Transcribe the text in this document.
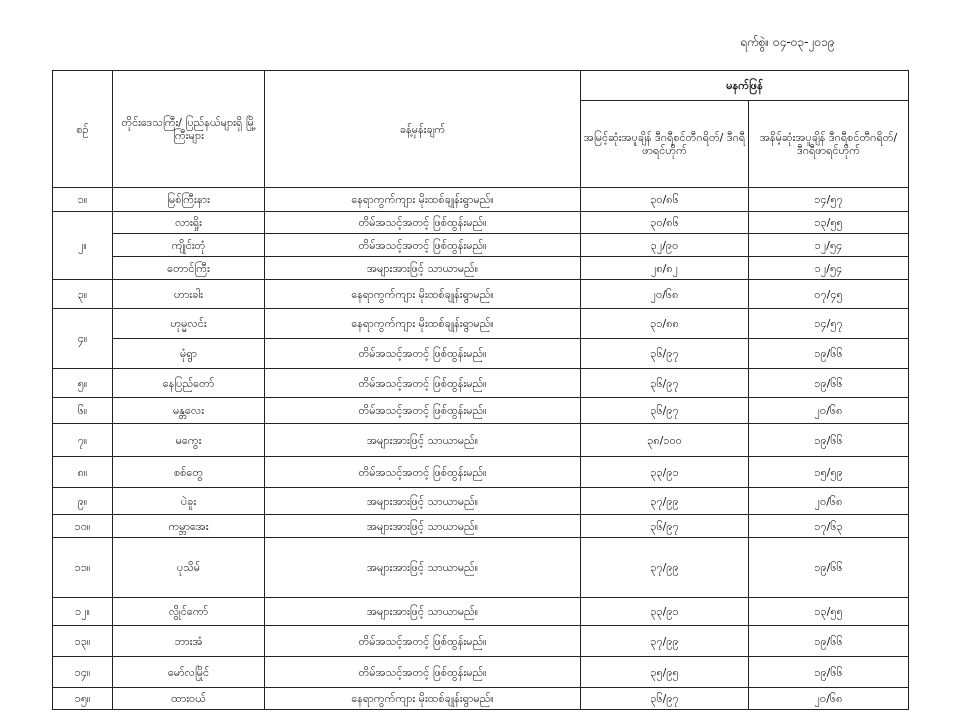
ရက်စွဲ။ ၀၄-၀၃-၂၀၁၉
စဉ်	တိုင်းဒေသကြီး/ ပြည်နယ်များရှိ မြို့ကြီးများ	ခန့်မှန်းချက်	မနက်ဖြန်	
			အမြင့်ဆုံးအပူချိန် ဒီဂရီစင်တီဂရိတ်/ ဒီဂရီဖာရင်ဟိုက်	အနိမ့်ဆုံးအပူချိန် ဒီဂရီစင်တီဂရိတ်/ ဒီဂရီဖာရင်ဟိုက်
၁။	မြစ်ကြီးနား	နေရာကွက်ကျား မိုးထစ်ချုန်းရွာမည်။	၃၀/၈၆	၁၄/၅၇
၂။	လားရှိုး	တိမ်အသင့်အတင့် ဖြစ်ထွန်းမည်။	၃၀/၈၆	၁၃/၅၅
	ကျိုင်းတုံ	တိမ်အသင့်အတင့် ဖြစ်ထွန်းမည်။	၃၂/၉၀	၁၂/၅၄
	တောင်ကြီး	အများအားဖြင့် သာယာမည်။	၂၈/၈၂	၁၂/၅၄
၃။	ဟားခါး	နေရာကွက်ကျား မိုးထစ်ချုန်းရွာမည်။	၂၀/၆၈	၀၇/၄၅
၄။	ဟုမ္မလင်း	နေရာကွက်ကျား မိုးထစ်ချုန်းရွာမည်။	၃၁/၈၈	၁၄/၅၇
	မုံရွာ	တိမ်အသင့်အတင့် ဖြစ်ထွန်းမည်။	၃၆/၉၇	၁၉/၆၆
၅။	နေပြည်တော်	တိမ်အသင့်အတင့် ဖြစ်ထွန်းမည်။	၃၆/၉၇	၁၉/၆၆
၆။	မန္တလေး	တိမ်အသင့်အတင့် ဖြစ်ထွန်းမည်။	၃၆/၉၇	၂၀/၆၈
၇။	မကွေး	အများအားဖြင့် သာယာမည်။	၃၈/၁၀၀	၁၉/၆၆
၈။	စစ်တွေ	တိမ်အသင့်အတင့် ဖြစ်ထွန်းမည်။	၃၃/၉၁	၁၅/၅၉
၉။	ပဲခူး	အများအားဖြင့် သာယာမည်။	၃၇/၉၉	၂၀/၆၈
၁၀။	ကမ္ဘာအေး	အများအားဖြင့် သာယာမည်။	၃၆/၉၇	၁၇/၆၃
၁၁။	ပုသိမ်	အများအားဖြင့် သာယာမည်။	၃၇/၉၉	၁၉/၆၆
၁၂။	လွိုင်ကော်	အများအားဖြင့် သာယာမည်။	၃၃/၉၁	၁၃/၅၅
၁၃။	ဘားအံ	တိမ်အသင့်အတင့် ဖြစ်ထွန်းမည်။	၃၇/၉၉	၁၉/၆၆
၁၄။	မော်လမြိုင်	တိမ်အသင့်အတင့် ဖြစ်ထွန်းမည်။	၃၅/၉၅	၁၉/၆၆
၁၅။	ထားဝယ်	နေရာကွက်ကျား မိုးထစ်ချုန်းရွာမည်။	၃၆/၉၇	၂၀/၆၈
